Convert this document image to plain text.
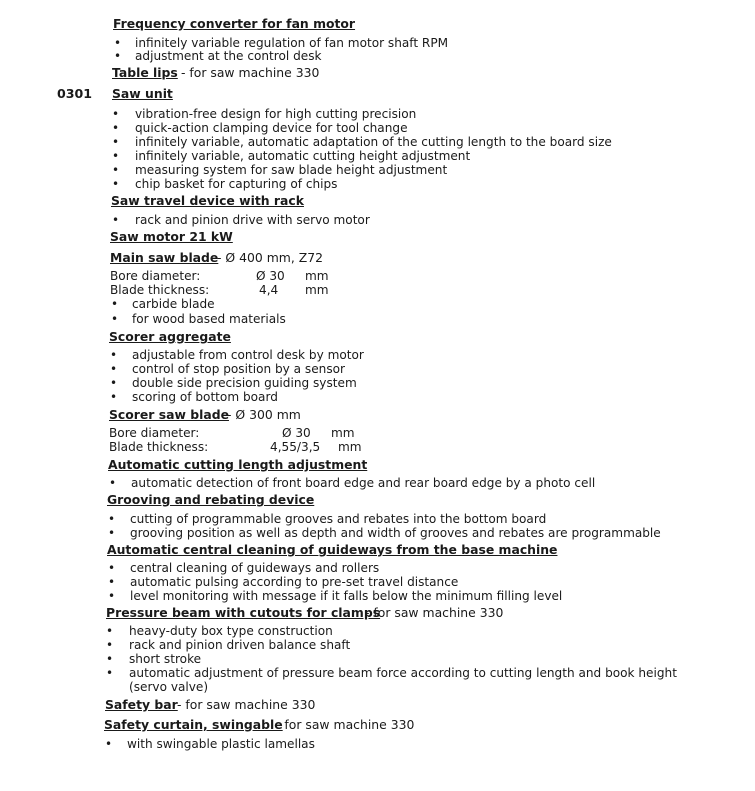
Frequency converter for fan motor
• infinitely variable regulation of fan motor shaft RPM
• adjustment at the control desk
Table lips - for saw machine 330
0301 Saw unit
• vibration-free design for high cutting precision
• quick-action clamping device for tool change
• infinitely variable, automatic adaptation of the cutting length to the board size
• infinitely variable, automatic cutting height adjustment
• measuring system for saw blade height adjustment
• chip basket for capturing of chips
Saw travel device with rack
• rack and pinion drive with servo motor
Saw motor 21 kW
Main saw blade
- Ø 400 mm, Z72
Bore diameter:	Ø 30 mm
Blade thickness:	4,4 mm
• carbide blade
• for wood based materials
Scorer aggregate
• adjustable from control desk by motor
• control of stop position by a sensor
• double side precision guiding system
• scoring of bottom board
Scorer saw blade
- Ø 300 mm
Bore diameter:	Ø 30 mm
Blade thickness:	4,55/3,5 mm
Automatic cutting length adjustment
• automatic detection of front board edge and rear board edge by a photo cell
Grooving and rebating device
• cutting of programmable grooves and rebates into the bottom board
• grooving position as well as depth and width of grooves and rebates are programmable
Automatic central cleaning of guideways from the base machine
• central cleaning of guideways and rollers
• automatic pulsing according to pre-set travel distance
• level monitoring with message if it falls below the minimum filling level
Pressure beam with cutouts for clamps
- for saw machine 330
• heavy-duty box type construction
• rack and pinion driven balance shaft
• short stroke
• automatic adjustment of pressure beam force according to cutting length and book height
(servo valve)
Safety bar - for saw machine 330
Safety curtain, swingable
- for saw machine 330
• with swingable plastic lamellas
